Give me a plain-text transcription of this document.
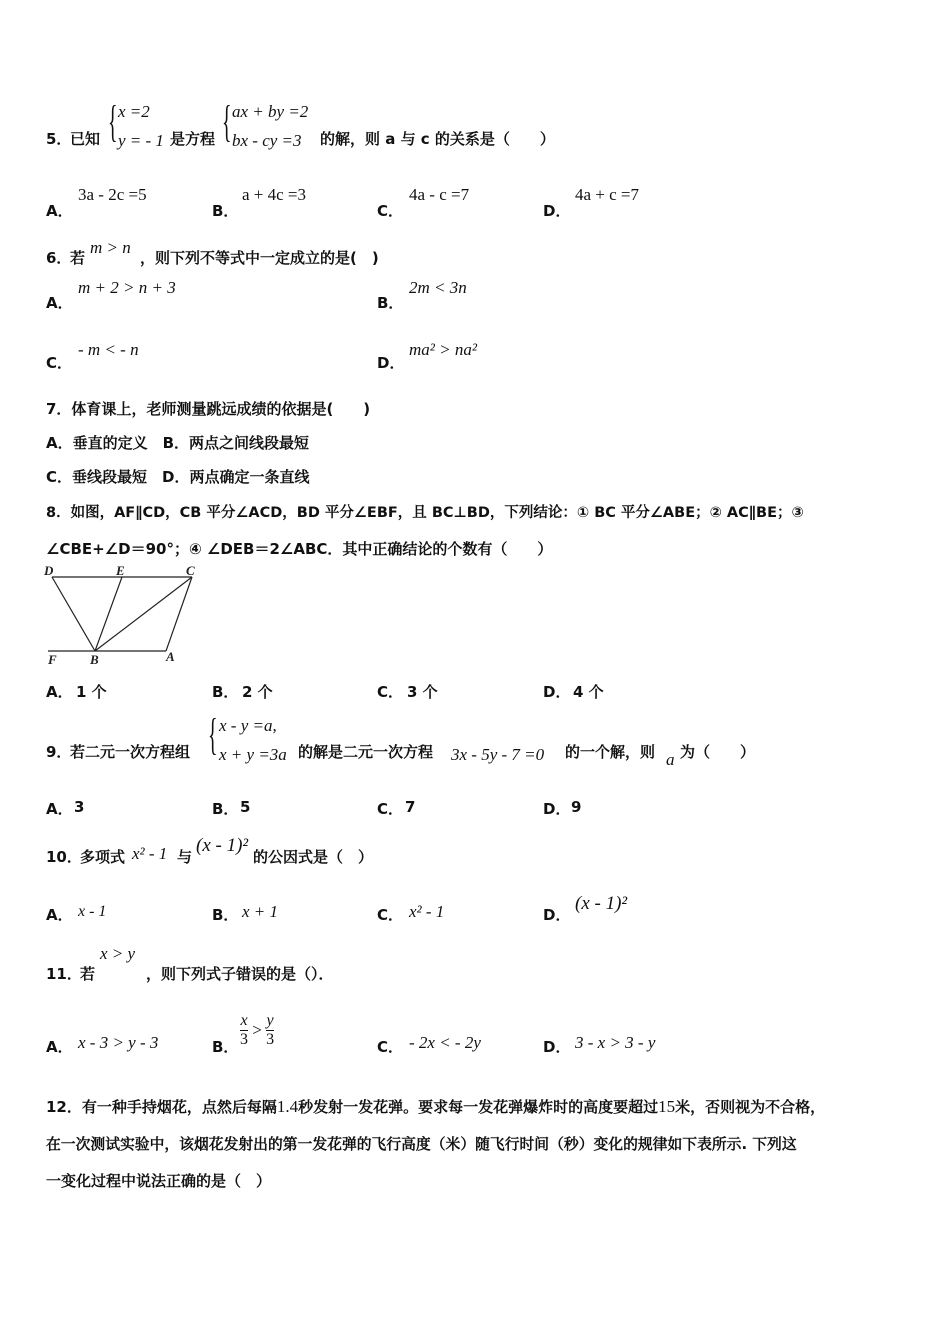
5．
已知 { x =2
y = - 1 是方程 { ax + by =2
bx - cy =3 的解，则 a 与 c 的关系是（　　）
A．
3a - 2c =5
B．
a + 4c =3
C．
4a - c =7
D．
4a + c =7
6．
若
m > n
，则下列不等式中一定成立的是(　)
A．
m + 2 > n + 3
B．
2m < 3n
C．
- m < - n
D．
ma² > na²
7．体育课上，老师测量跳远成绩的依据是(　　)
A．垂直的定义　B．两点之间线段最短
C．垂线段最短　D．两点确定一条直线
8．如图，AF∥CD，CB 平分∠ACD，BD 平分∠EBF，且 BC⊥BD，下列结论：① BC 平分∠ABE；② AC∥BE；③
∠CBE+∠D＝90°；④ ∠DEB＝2∠ABC．其中正确结论的个数有（　　）
D	E	C
F	B	A
A． 1 个	B． 2 个	C． 3 个	D． 4 个
9．
若二元一次方程组 { x - y =a,
x + y =3a 的解是二元一次方程 3x - 5y - 7 =0 的一个解，则 a 为（　　）
A． 3	B． 5	C． 7	D． 9
10．
多项式 x² - 1 与
(x - 1)²
的公因式是（　）
A． x - 1	B． x + 1	C． x² - 1	D．
(x - 1)²
11．
若
x > y
，则下列式子错误的是（）．
A． x - 3 > y - 3	B． $\frac{x}{3} > \frac{y}{3}$	C． - 2x < - 2y	D． 3 - x > 3 - y
12．有一种手持烟花，点然后每隔1.4秒发射一发花弹。要求每一发花弹爆炸时的高度要超过15米，否则视为不合格，
在一次测试实验中，该烟花发射出的第一发花弹的飞行高度（米）随飞行时间（秒）变化的规律如下表所示. 下列这
一变化过程中说法正确的是（　）
